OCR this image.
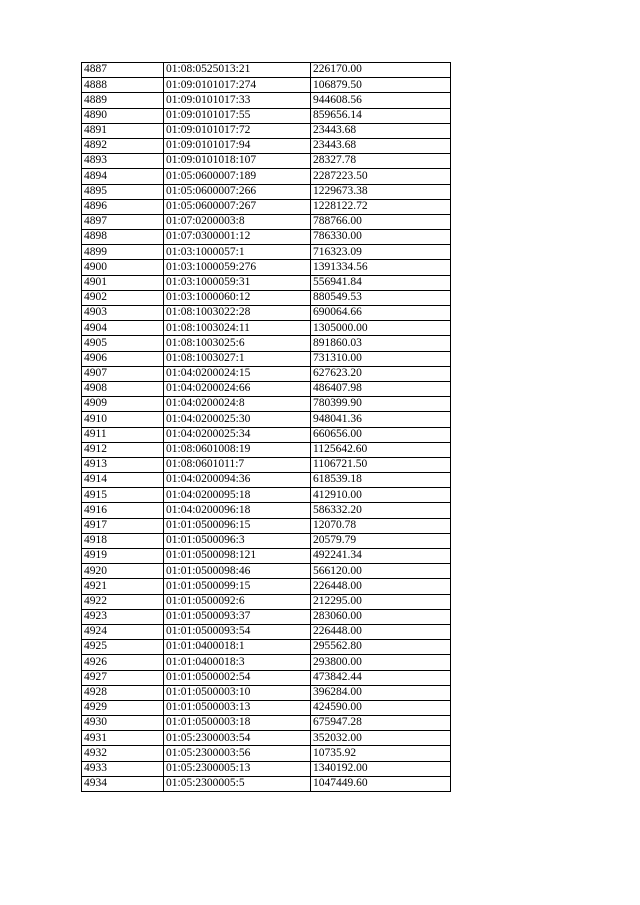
4887	01:08:0525013:21	226170.00
4888	01:09:0101017:274	106879.50
4889	01:09:0101017:33	944608.56
4890	01:09:0101017:55	859656.14
4891	01:09:0101017:72	23443.68
4892	01:09:0101017:94	23443.68
4893	01:09:0101018:107	28327.78
4894	01:05:0600007:189	2287223.50
4895	01:05:0600007:266	1229673.38
4896	01:05:0600007:267	1228122.72
4897	01:07:0200003:8	788766.00
4898	01:07:0300001:12	786330.00
4899	01:03:1000057:1	716323.09
4900	01:03:1000059:276	1391334.56
4901	01:03:1000059:31	556941.84
4902	01:03:1000060:12	880549.53
4903	01:08:1003022:28	690064.66
4904	01:08:1003024:11	1305000.00
4905	01:08:1003025:6	891860.03
4906	01:08:1003027:1	731310.00
4907	01:04:0200024:15	627623.20
4908	01:04:0200024:66	486407.98
4909	01:04:0200024:8	780399.90
4910	01:04:0200025:30	948041.36
4911	01:04:0200025:34	660656.00
4912	01:08:0601008:19	1125642.60
4913	01:08:0601011:7	1106721.50
4914	01:04:0200094:36	618539.18
4915	01:04:0200095:18	412910.00
4916	01:04:0200096:18	586332.20
4917	01:01:0500096:15	12070.78
4918	01:01:0500096:3	20579.79
4919	01:01:0500098:121	492241.34
4920	01:01:0500098:46	566120.00
4921	01:01:0500099:15	226448.00
4922	01:01:0500092:6	212295.00
4923	01:01:0500093:37	283060.00
4924	01:01:0500093:54	226448.00
4925	01:01:0400018:1	295562.80
4926	01:01:0400018:3	293800.00
4927	01:01:0500002:54	473842.44
4928	01:01:0500003:10	396284.00
4929	01:01:0500003:13	424590.00
4930	01:01:0500003:18	675947.28
4931	01:05:2300003:54	352032.00
4932	01:05:2300003:56	10735.92
4933	01:05:2300005:13	1340192.00
4934	01:05:2300005:5	1047449.60
